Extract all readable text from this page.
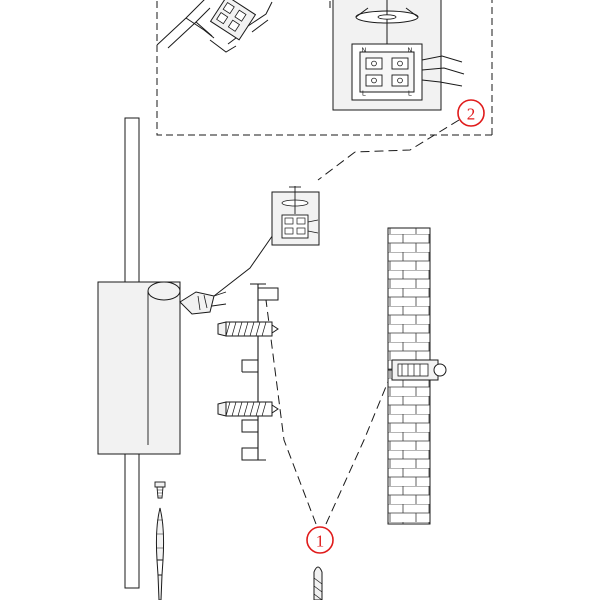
N	N
L	L
1
2
